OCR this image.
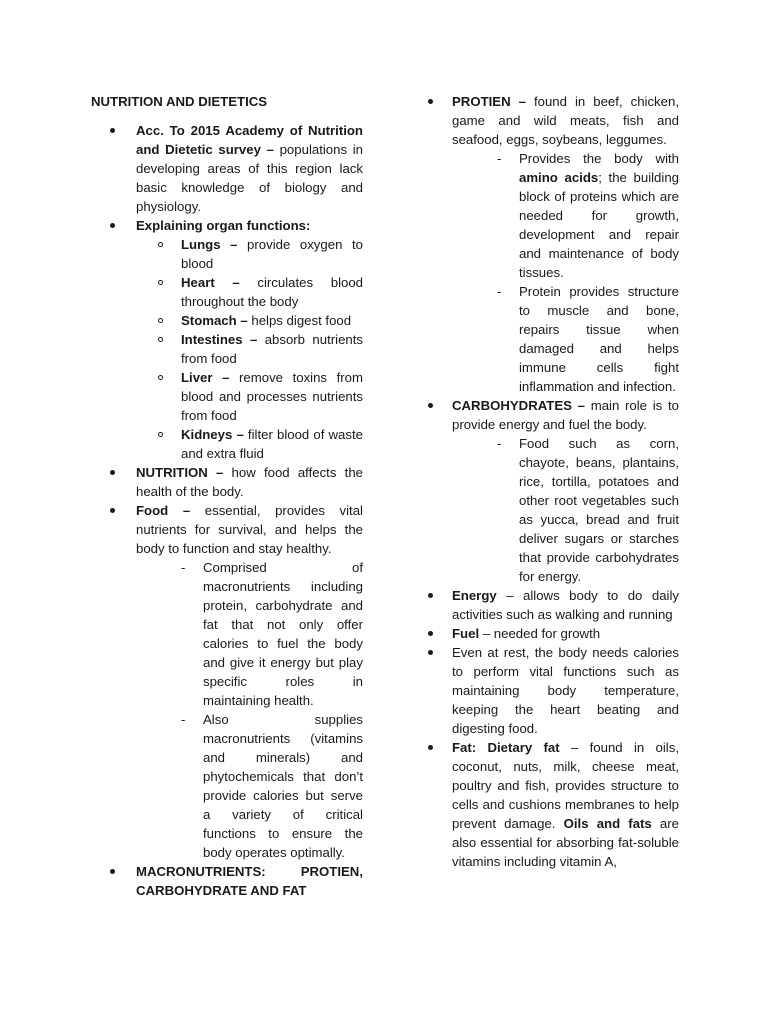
NUTRITION AND DIETETICS
Acc. To 2015 Academy of Nutrition and Dietetic survey – populations in developing areas of this region lack basic knowledge of biology and physiology.
Explaining organ functions:
Lungs – provide oxygen to blood
Heart – circulates blood throughout the body
Stomach – helps digest food
Intestines – absorb nutrients from food
Liver – remove toxins from blood and processes nutrients from food
Kidneys – filter blood of waste and extra fluid
NUTRITION – how food affects the health of the body.
Food – essential, provides vital nutrients for survival, and helps the body to function and stay healthy.
- Comprised of macronutrients including protein, carbohydrate and fat that not only offer calories to fuel the body and give it energy but play specific roles in maintaining health.
- Also supplies macronutrients (vitamins and minerals) and phytochemicals that don’t provide calories but serve a variety of critical functions to ensure the body operates optimally.
MACRONUTRIENTS: PROTIEN, CARBOHYDRATE AND FAT
PROTIEN – found in beef, chicken, game and wild meats, fish and seafood, eggs, soybeans, leggumes.
- Provides the body with amino acids; the building block of proteins which are needed for growth, development and repair and maintenance of body tissues.
- Protein provides structure to muscle and bone, repairs tissue when damaged and helps immune cells fight inflammation and infection.
CARBOHYDRATES – main role is to provide energy and fuel the body.
- Food such as corn, chayote, beans, plantains, rice, tortilla, potatoes and other root vegetables such as yucca, bread and fruit deliver sugars or starches that provide carbohydrates for energy.
Energy – allows body to do daily activities such as walking and running
Fuel – needed for growth
Even at rest, the body needs calories to perform vital functions such as maintaining body temperature, keeping the heart beating and digesting food.
Fat: Dietary fat – found in oils, coconut, nuts, milk, cheese meat, poultry and fish, provides structure to cells and cushions membranes to help prevent damage. Oils and fats are also essential for absorbing fat-soluble vitamins including vitamin A,
